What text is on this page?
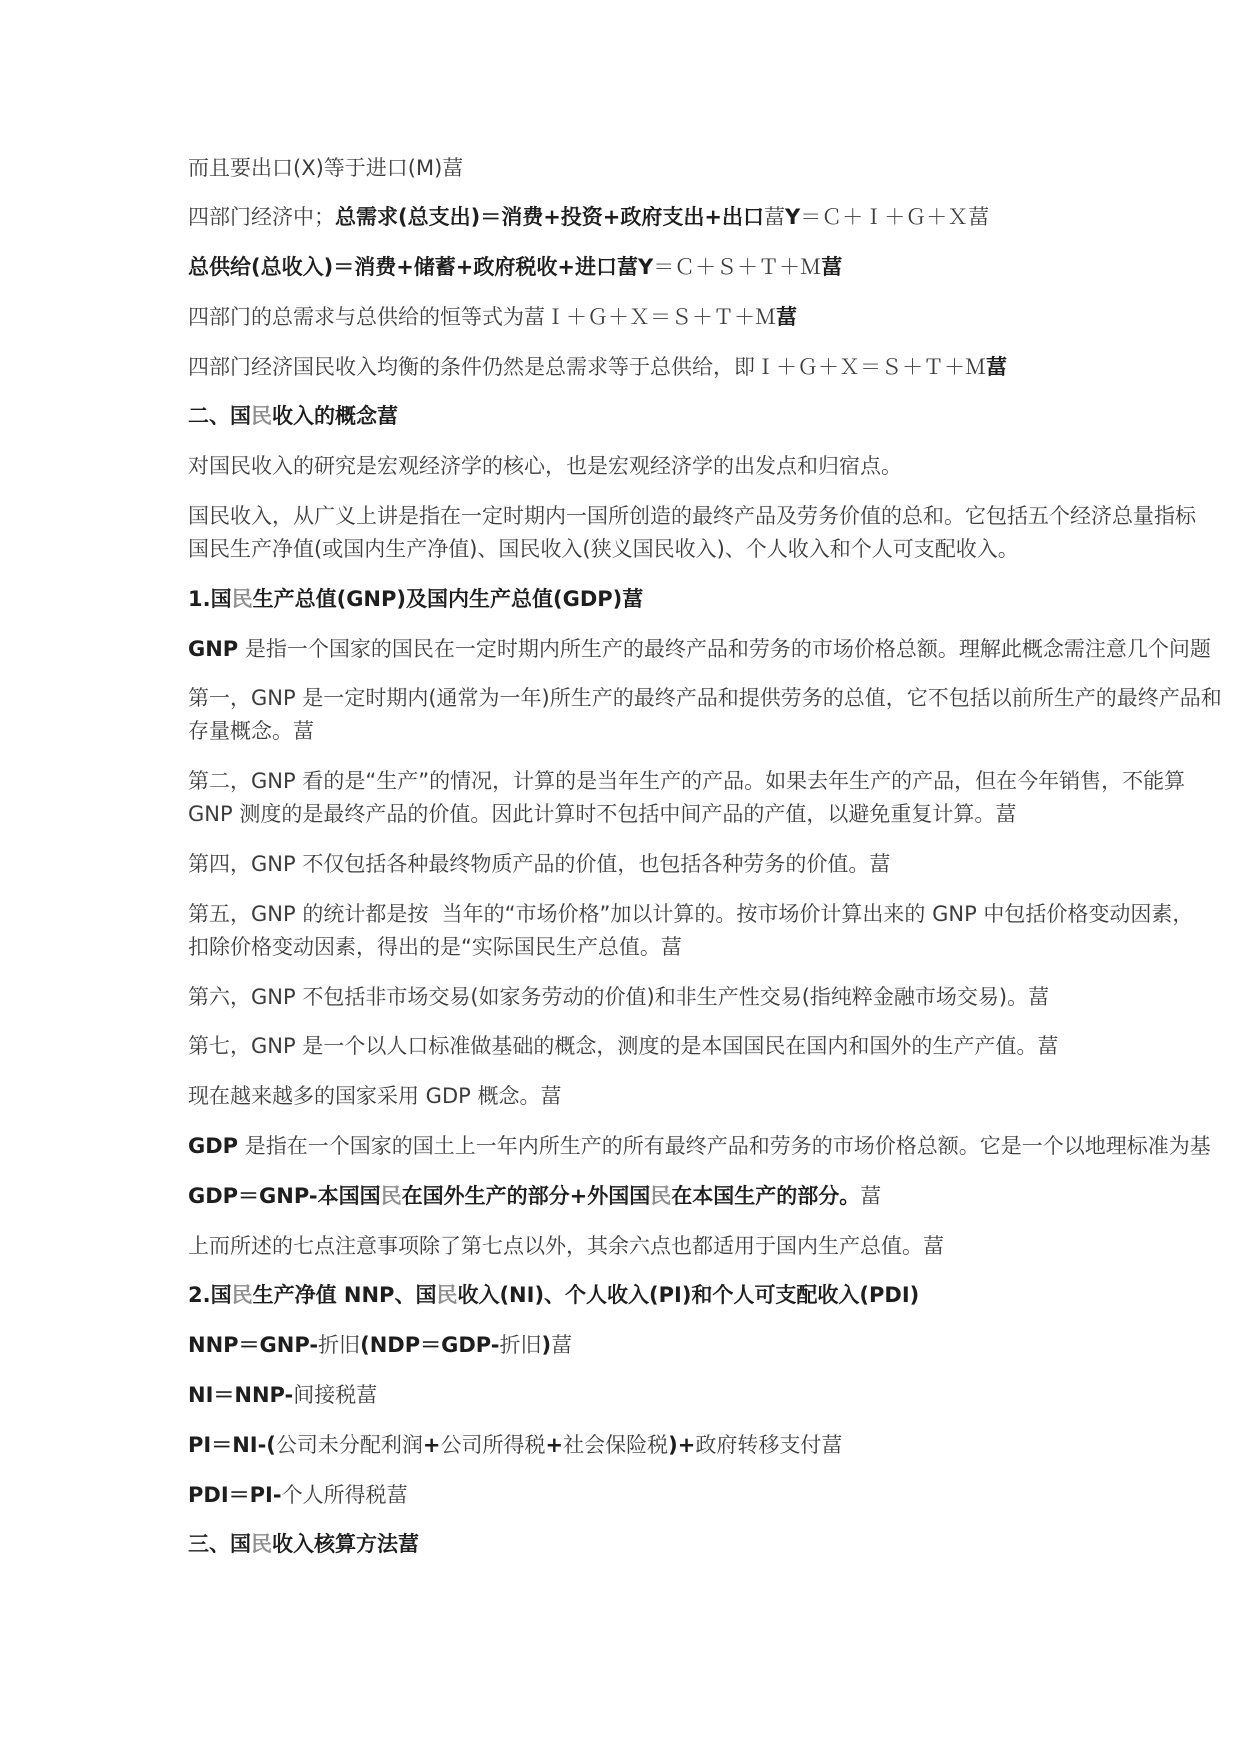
而且要出口(X)等于进口(M)葍
四部门经济中；总需求(总支出)＝消费+投资+政府支出+出口葍Y＝Ｃ＋Ｉ＋Ｇ＋Ｘ葍
总供给(总收入)＝消费+储蓄+政府税收+进口葍Y＝Ｃ＋Ｓ＋Ｔ＋Ｍ葍
四部门的总需求与总供给的恒等式为葍Ｉ＋Ｇ＋Ｘ＝Ｓ＋Ｔ＋Ｍ葍
四部门经济国民收入均衡的条件仍然是总需求等于总供给，即Ｉ＋Ｇ＋Ｘ＝Ｓ＋Ｔ＋Ｍ葍
二、国民收入的概念葍
对国民收入的研究是宏观经济学的核心，也是宏观经济学的出发点和归宿点。
国民收入，从广义上讲是指在一定时期内一国所创造的最终产品及劳务价值的总和。它包括五个经济总量指标
国民生产净值(或国内生产净值)、国民收入(狭义国民收入)、个人收入和个人可支配收入。
1.国民生产总值(GNP)及国内生产总值(GDP)葍
GNP 是指一个国家的国民在一定时期内所生产的最终产品和劳务的市场价格总额。理解此概念需注意几个问题
第一，GNP 是一定时期内(通常为一年)所生产的最终产品和提供劳务的总值，它不包括以前所生产的最终产品和
存量概念。葍
第二，GNP 看的是“生产”的情况，计算的是当年生产的产品。如果去年生产的产品，但在今年销售，不能算
GNP 测度的是最终产品的价值。因此计算时不包括中间产品的产值，以避免重复计算。葍
第四，GNP 不仅包括各种最终物质产品的价值，也包括各种劳务的价值。葍
第五，GNP 的统计都是按  当年的“市场价格”加以计算的。按市场价计算出来的 GNP 中包括价格变动因素，
扣除价格变动因素，得出的是“实际国民生产总值。葍
第六，GNP 不包括非市场交易(如家务劳动的价值)和非生产性交易(指纯粹金融市场交易)。葍
第七，GNP 是一个以人口标准做基础的概念，测度的是本国国民在国内和国外的生产产值。葍
现在越来越多的国家采用 GDP 概念。葍
GDP 是指在一个国家的国土上一年内所生产的所有最终产品和劳务的市场价格总额。它是一个以地理标准为基
GDP＝GNP-本国国民在国外生产的部分+外国国民在本国生产的部分。葍
上而所述的七点注意事项除了第七点以外，其余六点也都适用于国内生产总值。葍
2.国民生产净值 NNP、国民收入(NI)、个人收入(PI)和个人可支配收入(PDI)
NNP＝GNP-折旧(NDP＝GDP-折旧)葍
NI＝NNP-间接税葍
PI＝NI-(公司未分配利润+公司所得税+社会保险税)+政府转移支付葍
PDI＝PI-个人所得税葍
三、国民收入核算方法葍
